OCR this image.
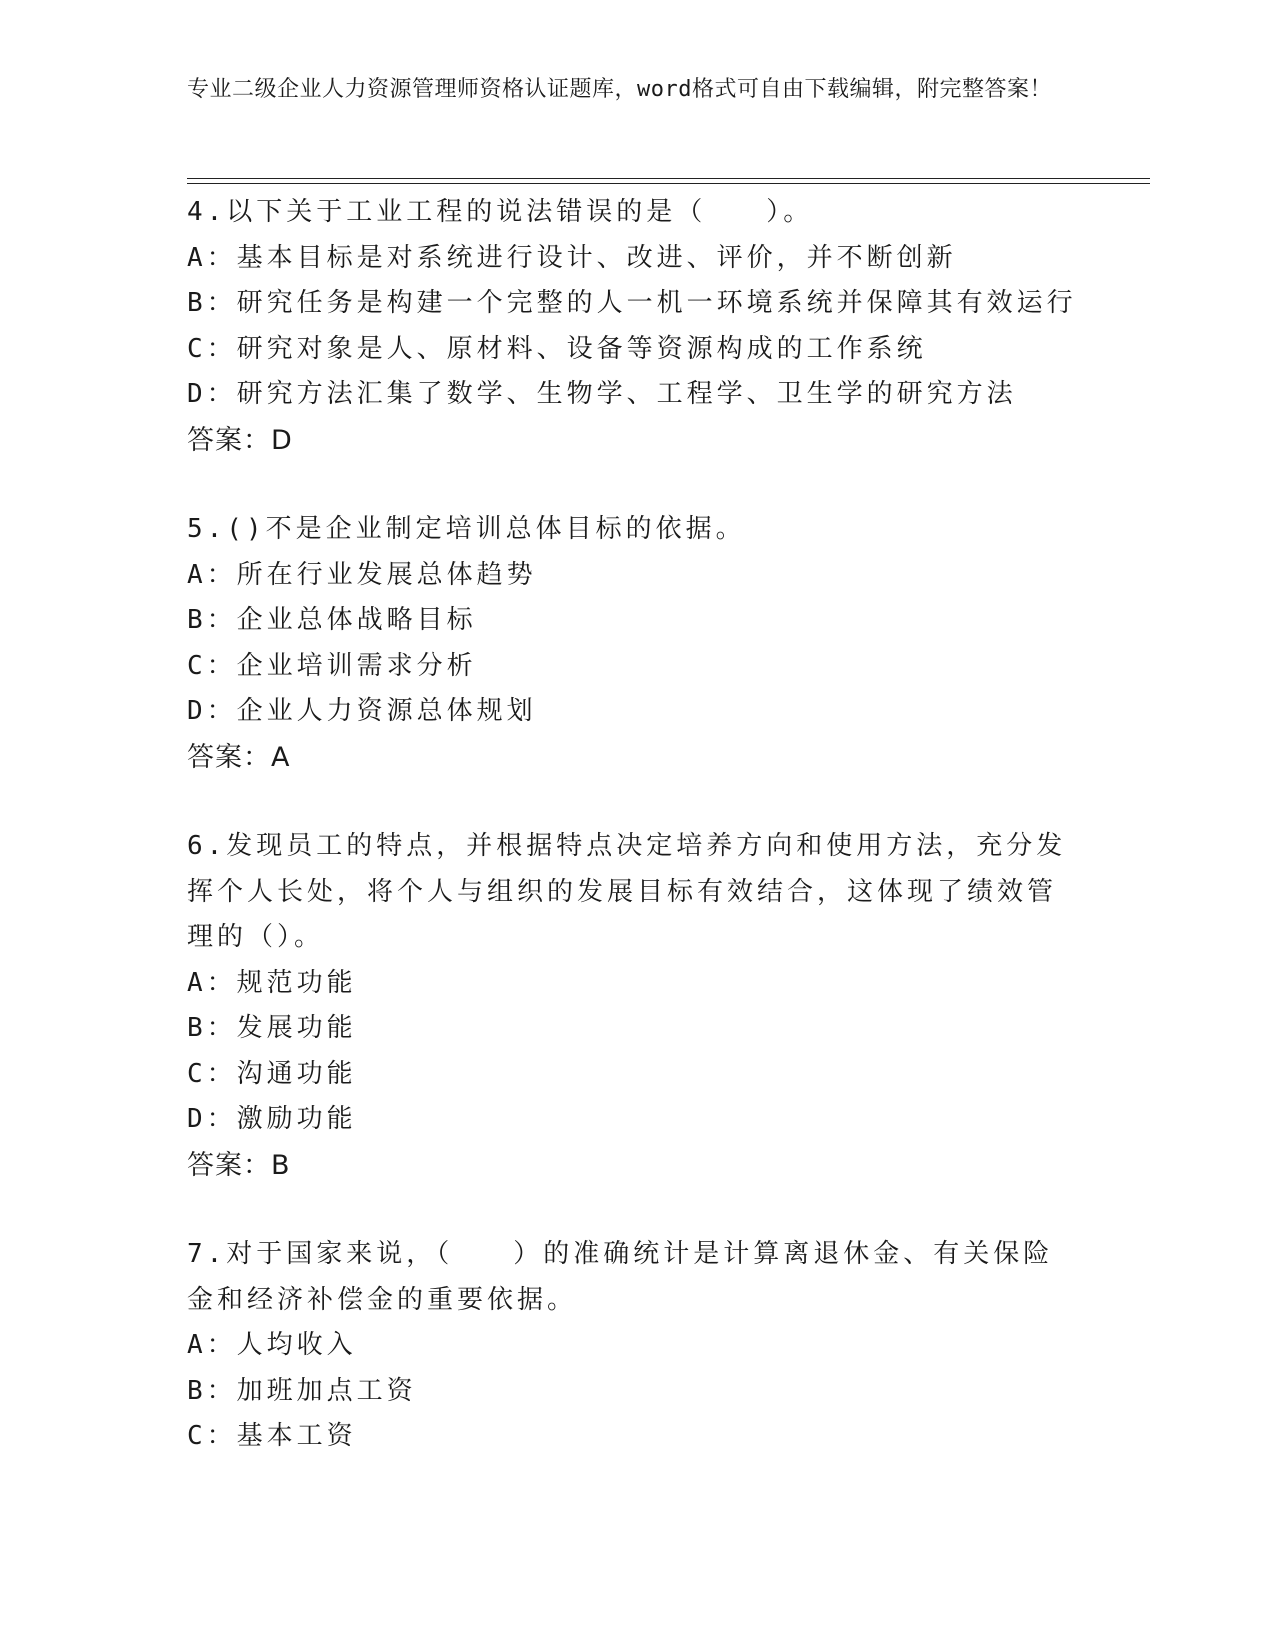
专业二级企业人力资源管理师资格认证题库，word格式可自由下载编辑，附完整答案！
4.以下关于工业工程的说法错误的是（　　）。
A：基本目标是对系统进行设计、改进、评价，并不断创新
B：研究任务是构建一个完整的人一机一环境系统并保障其有效运行
C：研究对象是人、原材料、设备等资源构成的工作系统
D：研究方法汇集了数学、生物学、工程学、卫生学的研究方法
答案：D
5.()不是企业制定培训总体目标的依据。
A：所在行业发展总体趋势
B：企业总体战略目标
C：企业培训需求分析
D：企业人力资源总体规划
答案：A
6.发现员工的特点，并根据特点决定培养方向和使用方法，充分发挥个人长处，将个人与组织的发展目标有效结合，这体现了绩效管理的（）。
A：规范功能
B：发展功能
C：沟通功能
D：激励功能
答案：B
7.对于国家来说，（　　）的准确统计是计算离退休金、有关保险金和经济补偿金的重要依据。
A：人均收入
B：加班加点工资
C：基本工资
